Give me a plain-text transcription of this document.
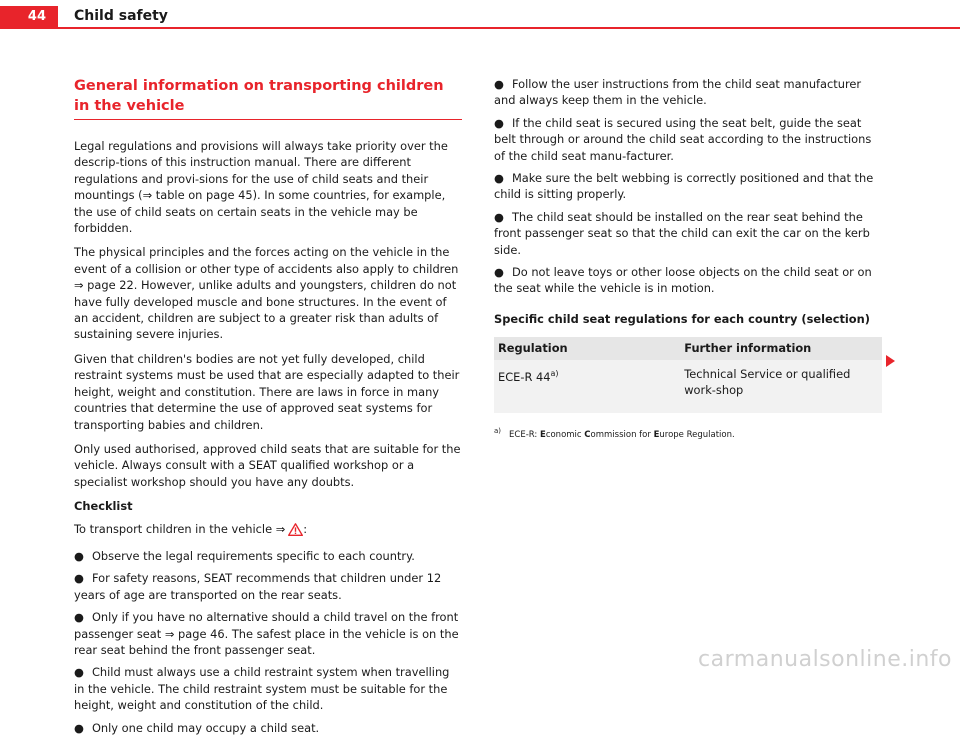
44	Child safety
General information on transporting children in the vehicle

Legal regulations and provisions will always take priority over the descrip-tions of this instruction manual. There are different regulations and provi-sions for the use of child seats and their mountings (⇒ table on page 45). In some countries, for example, the use of child seats on certain seats in the vehicle may be forbidden.

The physical principles and the forces acting on the vehicle in the event of a collision or other type of accidents also apply to children ⇒ page 22. However, unlike adults and youngsters, children do not have fully developed muscle and bone structures. In the event of an accident, children are subject to a greater risk than adults of sustaining severe injuries.

Given that children's bodies are not yet fully developed, child restraint systems must be used that are especially adapted to their height, weight and constitution. There are laws in force in many countries that determine the use of approved seat systems for transporting babies and children.

Only used authorised, approved child seats that are suitable for the vehicle. Always consult with a SEAT qualified workshop or a specialist workshop should you have any doubts.

Checklist

To transport children in the vehicle ⇒ :

● Observe the legal requirements specific to each country.
● For safety reasons, SEAT recommends that children under 12 years of age are transported on the rear seats.
● Only if you have no alternative should a child travel on the front passenger seat ⇒ page 46. The safest place in the vehicle is on the rear seat behind the front passenger seat.
● Child must always use a child restraint system when travelling in the vehicle. The child restraint system must be suitable for the height, weight and constitution of the child.
● Only one child may occupy a child seat.
● Follow the user instructions from the child seat manufacturer and always keep them in the vehicle.
● If the child seat is secured using the seat belt, guide the seat belt through or around the child seat according to the instructions of the child seat manu-facturer.
● Make sure the belt webbing is correctly positioned and that the child is sitting properly.
● The child seat should be installed on the rear seat behind the front passenger seat so that the child can exit the car on the kerb side.
● Do not leave toys or other loose objects on the child seat or on the seat while the vehicle is in motion.
Specific child seat regulations for each country (selection)
Regulation	Further information
ECE-R 44$^{a)}$	Technical Service or qualified work-shop
$^{a)}$ ECE-R: Economic Commission for Europe Regulation.
carmanualsonline.info
